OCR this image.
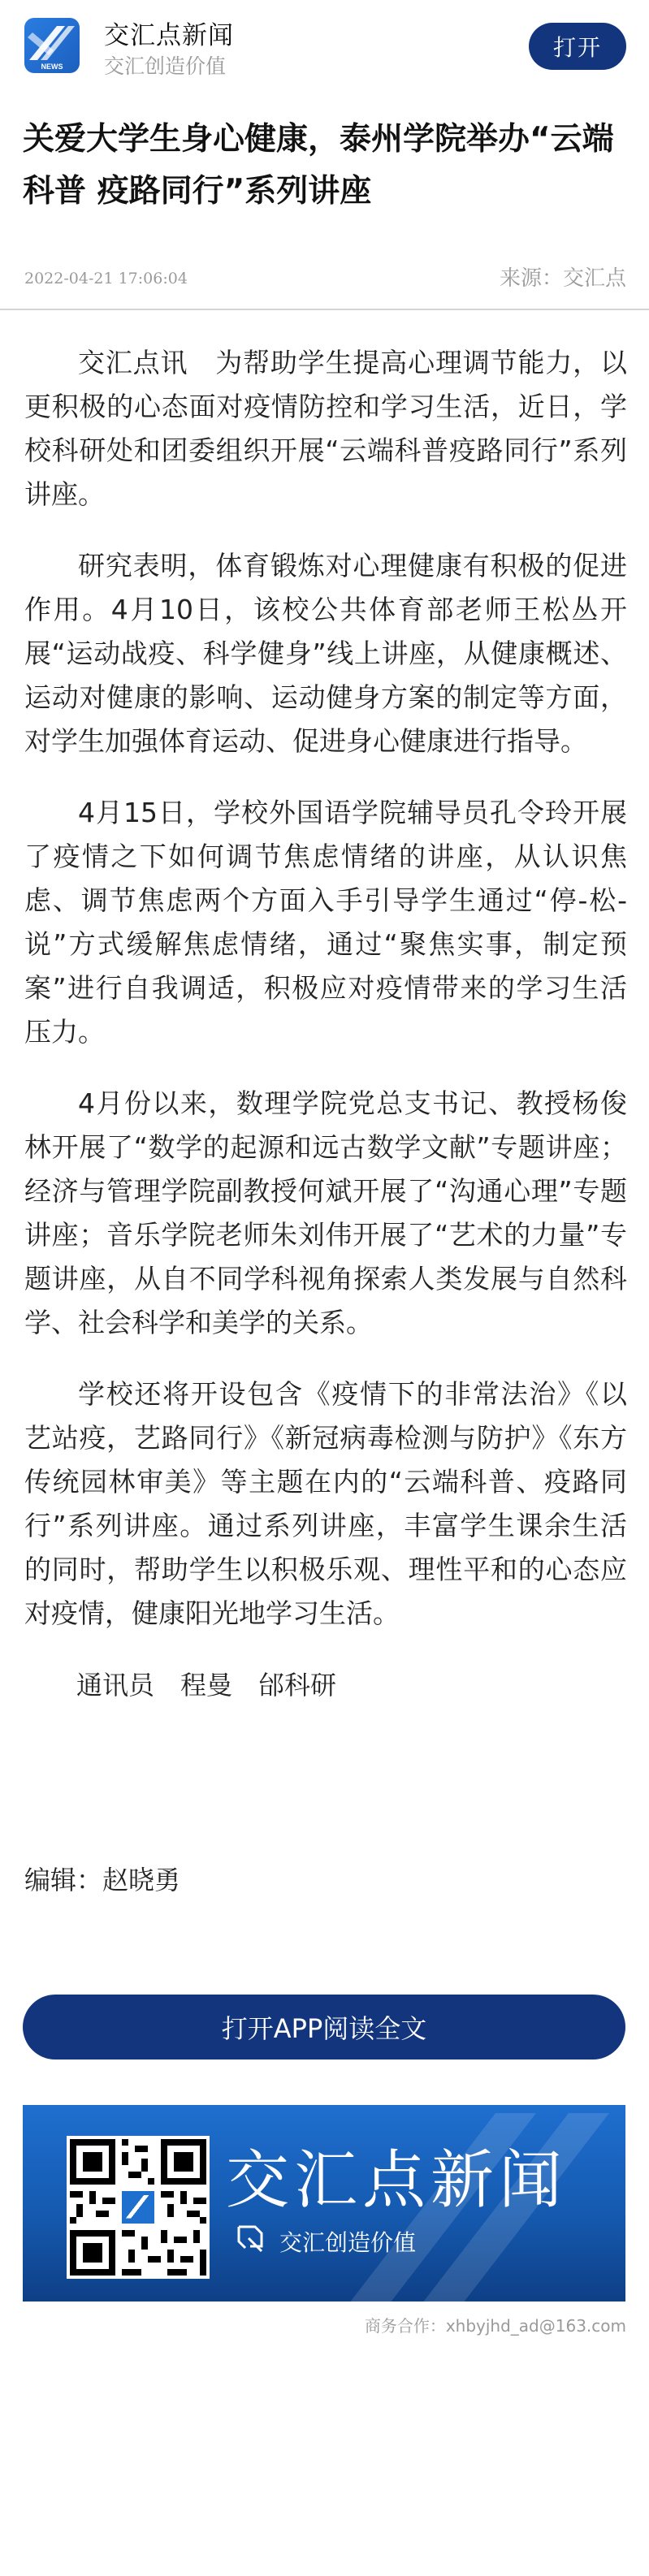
NEWS
交汇点新闻
交汇创造价值
打开
关爱大学生身心健康，泰州学院举办“云端科普 疫路同行”系列讲座
2022-04-21 17:06:04	来源：交汇点

交汇点讯　为帮助学生提高心理调节能力，以更积极的心态面对疫情防控和学习生活，近日，学校科研处和团委组织开展“云端科普疫路同行”系列讲座。

研究表明，体育锻炼对心理健康有积极的促进作用。4月10日，该校公共体育部老师王松丛开展“运动战疫、科学健身”线上讲座，从健康概述、运动对健康的影响、运动健身方案的制定等方面，对学生加强体育运动、促进身心健康进行指导。

4月15日，学校外国语学院辅导员孔令玲开展了疫情之下如何调节焦虑情绪的讲座，从认识焦虑、调节焦虑两个方面入手引导学生通过“停-松-说”方式缓解焦虑情绪，通过“聚焦实事，制定预案”进行自我调适，积极应对疫情带来的学习生活压力。

4月份以来，数理学院党总支书记、教授杨俊林开展了“数学的起源和远古数学文献”专题讲座；经济与管理学院副教授何斌开展了“沟通心理”专题讲座；音乐学院老师朱刘伟开展了“艺术的力量”专题讲座，从自不同学科视角探索人类发展与自然科学、社会科学和美学的关系。

学校还将开设包含《疫情下的非常法治》《以艺站疫，艺路同行》《新冠病毒检测与防护》《东方传统园林审美》等主题在内的“云端科普、疫路同行”系列讲座。通过系列讲座，丰富学生课余生活的同时，帮助学生以积极乐观、理性平和的心态应对疫情，健康阳光地学习生活。

通讯员　程曼　邰科研

编辑：赵晓勇
打开APP阅读全文
交汇点新闻
交汇创造价值
商务合作：xhbyjhd_ad@163.com
